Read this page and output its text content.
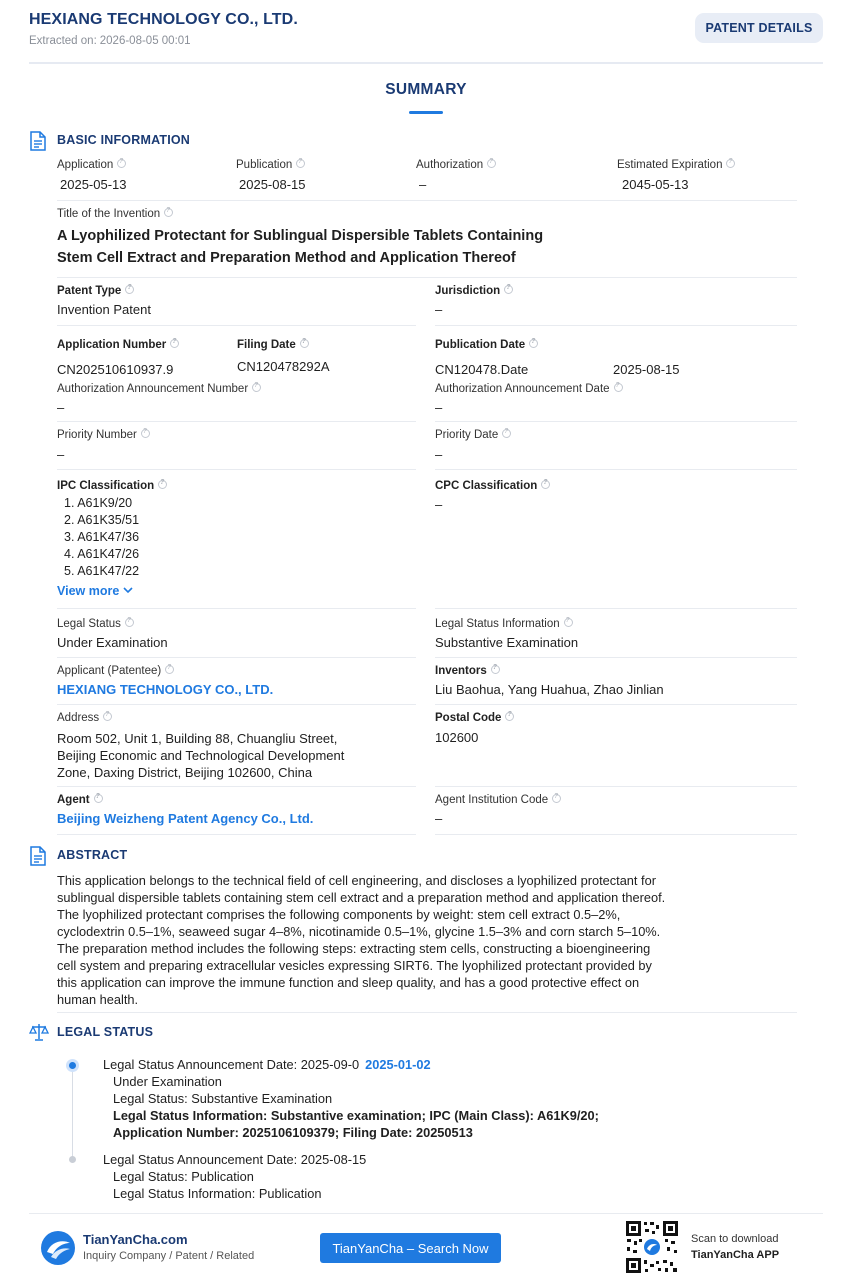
HEXIANG TECHNOLOGY CO., LTD.
Extracted on: 2026-08-05 00:01
PATENT DETAILS
SUMMARY
BASIC INFORMATION
Application?
2025-05-13
Publication?
2025-08-15
Authorization?
–
Estimated Expiration?
2045-05-13
Title of the Invention?
A Lyophilized Protectant for Sublingual Dispersible Tablets Containing
Stem Cell Extract and Preparation Method and Application Thereof
Patent Type?
Invention Patent
Jurisdiction?
–
Application Number?
CN202510610937.9
Filing Date?
CN120478292A
Publication Date?
CN120478.Date	2025-08-15
Authorization Announcement Number?
–
Authorization Announcement Date?
–
Priority Number?
–
Priority Date?
–
IPC Classification?
1. A61K9/20
2. A61K35/51
3. A61K47/36
4. A61K47/26
5. A61K47/22
View more
CPC Classification?
–
Legal Status?
Under Examination
Legal Status Information?
Substantive Examination
Applicant (Patentee)?
HEXIANG TECHNOLOGY CO., LTD.
Inventors?
Liu Baohua, Yang Huahua, Zhao Jinlian
Address?
Room 502, Unit 1, Building 88, Chuangliu Street,
Beijing Economic and Technological Development
Zone, Daxing District, Beijing 102600, China
Postal Code?
102600
Agent?
Beijing Weizheng Patent Agency Co., Ltd.
Agent Institution Code?
–
ABSTRACT
This application belongs to the technical field of cell engineering, and discloses a lyophilized protectant for
sublingual dispersible tablets containing stem cell extract and a preparation method and application thereof.
The lyophilized protectant comprises the following components by weight: stem cell extract 0.5–2%,
cyclodextrin 0.5–1%, seaweed sugar 4–8%, nicotinamide 0.5–1%, glycine 1.5–3% and corn starch 5–10%.
The preparation method includes the following steps: extracting stem cells, constructing a bioengineering
cell system and preparing extracellular vesicles expressing SIRT6. The lyophilized protectant provided by
this application can improve the immune function and sleep quality, and has a good protective effect on
human health.
LEGAL STATUS
Legal Status Announcement Date: 2025-09-0 2025-01-02
Under Examination
Legal Status: Substantive Examination
Legal Status Information: Substantive examination; IPC (Main Class): A61K9/20;
Application Number: 2025106109379; Filing Date: 20250513
Legal Status Announcement Date: 2025-08-15
Legal Status: Publication
Legal Status Information: Publication
TianYanCha.com
Inquiry Company / Patent / Related
TianYanCha – Search Now
Scan to download
TianYanCha APP
